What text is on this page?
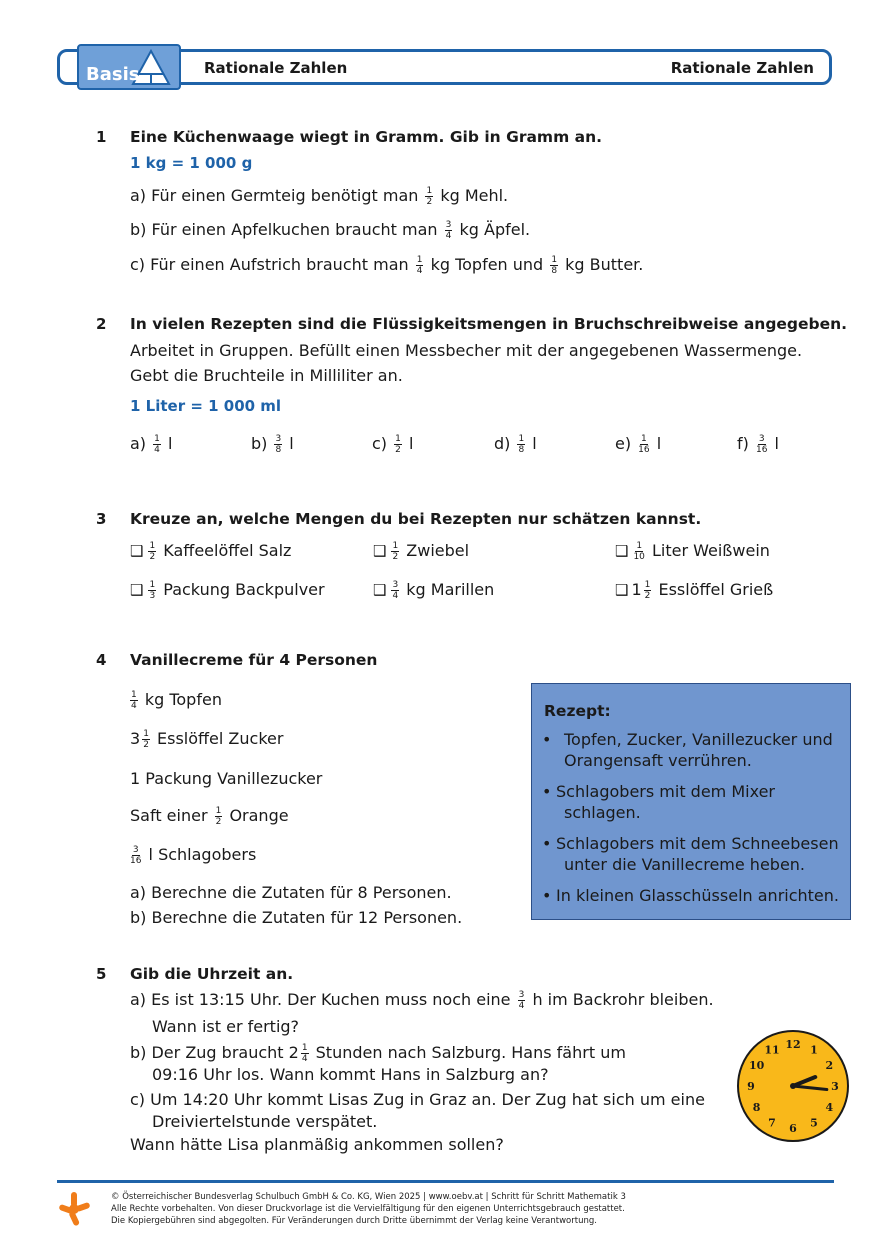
Basis	Rationale Zahlen	Rationale Zahlen
1 Eine Küchenwaage wiegt in Gramm. Gib in Gramm an.
1 kg = 1 000 g
a) Für einen Germteig benötigt man $\frac{1}{2}$ kg Mehl.
b) Für einen Apfelkuchen braucht man $\frac{3}{4}$ kg Äpfel.
c) Für einen Aufstrich braucht man $\frac{1}{4}$ kg Topfen und $\frac{1}{8}$ kg Butter.
2 In vielen Rezepten sind die Flüssigkeitsmengen in Bruchschreibweise angegeben.
Arbeitet in Gruppen. Befüllt einen Messbecher mit der angegebenen Wassermenge.
Gebt die Bruchteile in Milliliter an.
1 Liter = 1 000 ml
$a) \frac{1}{4}$ l	$b) \frac{3}{8}$ l	$c) \frac{1}{2}$ l	$d) \frac{1}{8}$ l	$e) \frac{1}{16}$ l	$f) \frac{3}{16}$ l
3 Kreuze an, welche Mengen du bei Rezepten nur schätzen kannst.
❑ $\frac{1}{2}$ Kaffeelöffel Salz	❑ $\frac{1}{2}$ Zwiebel	❑ $\frac{1}{10}$ Liter Weißwein
❑ $\frac{1}{3}$ Packung Backpulver	❑ $\frac{3}{4}$ kg Marillen	❑ $1 \frac{1}{2}$ Esslöffel Grieß
4 Vanillecreme für 4 Personen
$\frac{1}{4}$ kg Topfen
$3 \frac{1}{2}$ Esslöffel Zucker
1 Packung Vanillezucker
Saft einer $\frac{1}{2}$ Orange
$\frac{3}{16}$ l Schlagobers
a) Berechne die Zutaten für 8 Personen.
b) Berechne die Zutaten für 12 Personen.
Rezept:
• Topfen, Zucker, Vanillezucker und
Orangensaft verrühren.
• Schlagobers mit dem Mixer
schlagen.
• Schlagobers mit dem Schneebesen
unter die Vanillecreme heben.
• In kleinen Glasschüsseln anrichten.
5 Gib die Uhrzeit an.
a) Es ist 13:15 Uhr. Der Kuchen muss noch eine $\frac{3}{4}$ h im Backrohr bleiben.
Wann ist er fertig?
b) Der Zug braucht $2 \frac{1}{4}$ Stunden nach Salzburg. Hans fährt um
09:16 Uhr los. Wann kommt Hans in Salzburg an?
c) Um 14:20 Uhr kommt Lisas Zug in Graz an. Der Zug hat sich um eine
Dreiviertelstunde verspätet.
Wann hätte Lisa planmäßig ankommen sollen?
12 1
2
3
4
5
6
7
8
9
10
11
© Österreichischer Bundesverlag Schulbuch GmbH & Co. KG, Wien 2025 | www.oebv.at | Schritt für Schritt Mathematik 3
Alle Rechte vorbehalten. Von dieser Druckvorlage ist die Vervielfältigung für den eigenen Unterrichtsgebrauch gestattet.
Die Kopiergebühren sind abgegolten. Für Veränderungen durch Dritte übernimmt der Verlag keine Verantwortung.
